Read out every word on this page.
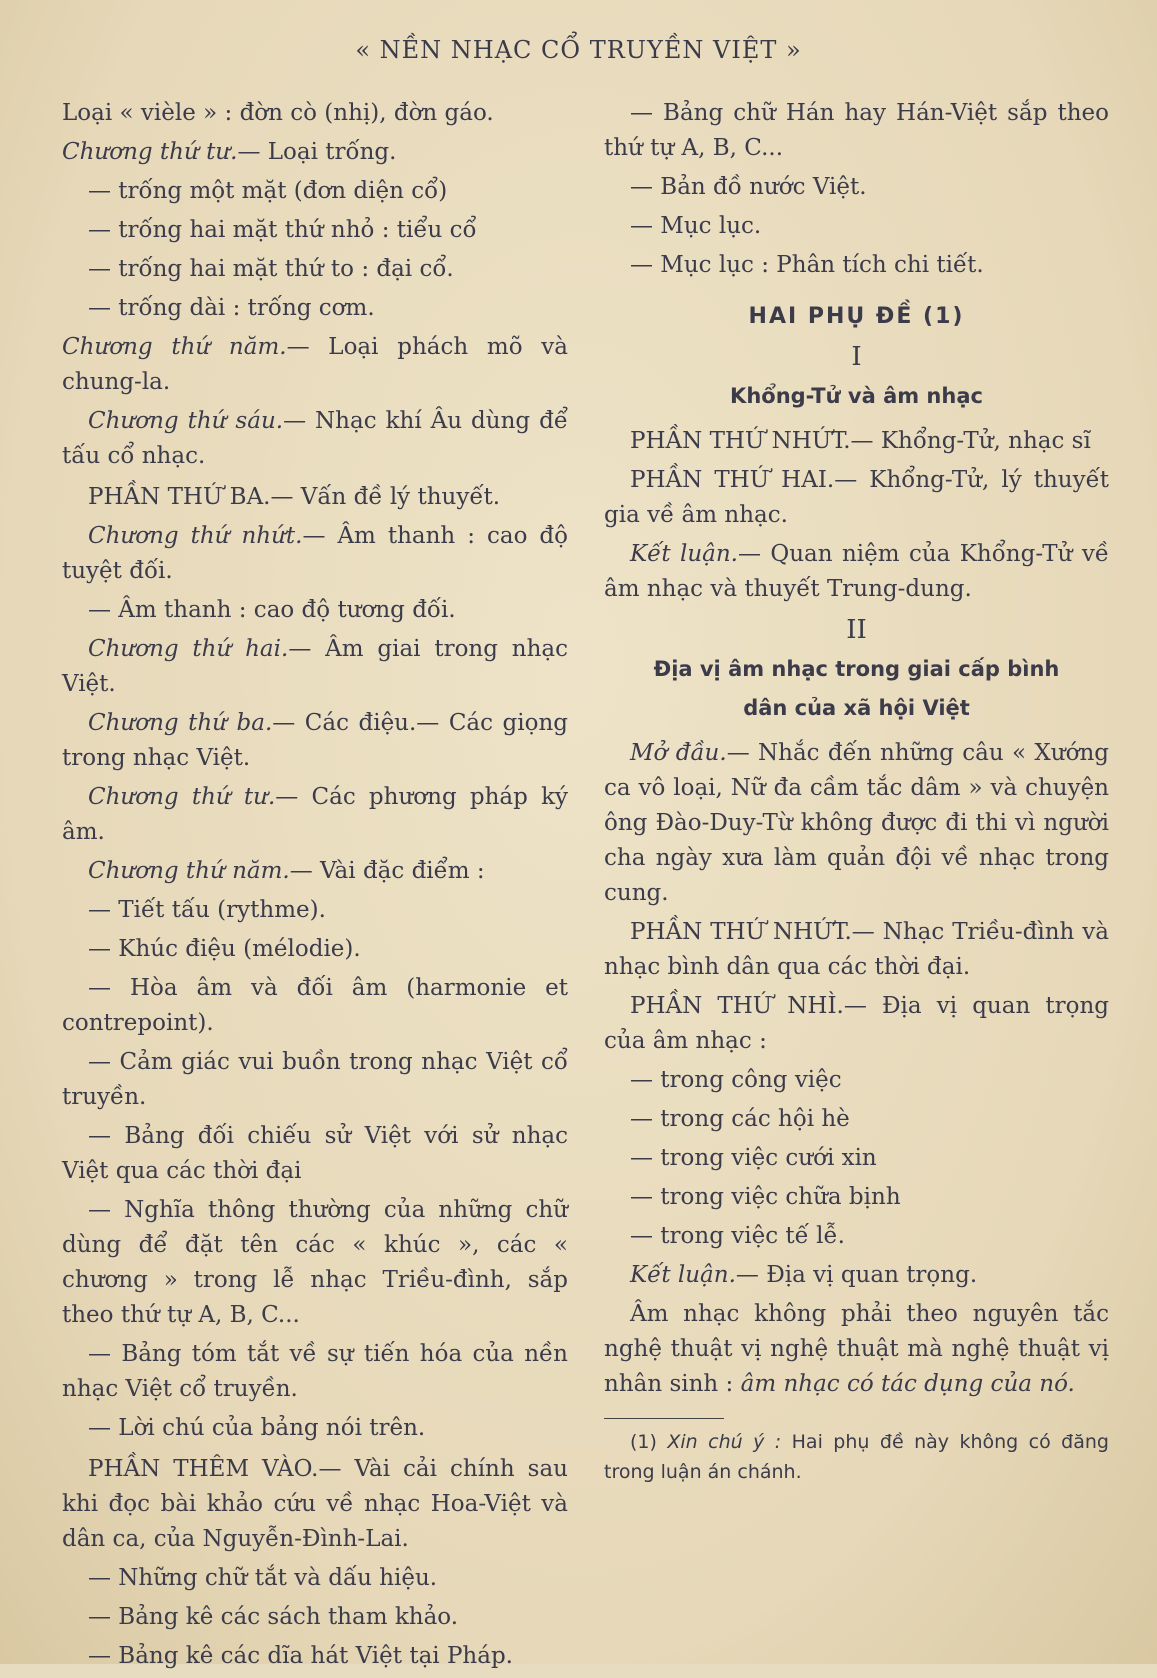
« NỀN NHẠC CỔ TRUYỀN VIỆT »

Loại « vièle » : đờn cò (nhị), đờn gáo.

Chương thứ tư.— Loại trống.

— trống một mặt (đơn diện cổ)

— trống hai mặt thứ nhỏ : tiểu cổ

— trống hai mặt thứ to : đại cổ.

— trống dài : trống cơm.

Chương thứ năm.— Loại phách mõ và chung-la.

Chương thứ sáu.— Nhạc khí Âu dùng để tấu cổ nhạc.

PHẦN THỨ BA.— Vấn đề lý thuyết.

Chương thứ nhứt.— Âm thanh : cao độ tuyệt đối.

— Âm thanh : cao độ tương đối.

Chương thứ hai.— Âm giai trong nhạc Việt.

Chương thứ ba.— Các điệu.— Các giọng trong nhạc Việt.

Chương thứ tư.— Các phương pháp ký âm.

Chương thứ năm.— Vài đặc điểm :

— Tiết tấu (rythme).

— Khúc điệu (mélodie).

— Hòa âm và đối âm (harmonie et contrepoint).

— Cảm giác vui buồn trong nhạc Việt cổ truyền.

— Bảng đối chiếu sử Việt với sử nhạc Việt qua các thời đại

— Nghĩa thông thường của những chữ dùng để đặt tên các « khúc », các « chương » trong lễ nhạc Triều-đình, sắp theo thứ tự A, B, C...

— Bảng tóm tắt về sự tiến hóa của nền nhạc Việt cổ truyền.

— Lời chú của bảng nói trên.

PHẦN THÊM VÀO.— Vài cải chính sau khi đọc bài khảo cứu về nhạc Hoa-Việt và dân ca, của Nguyễn-Đình-Lai.

— Những chữ tắt và dấu hiệu.

— Bảng kê các sách tham khảo.

— Bảng kê các dĩa hát Việt tại Pháp.

— Bảng chữ Hán hay Hán-Việt sắp theo thứ tự A, B, C...

— Bản đồ nước Việt.

— Mục lục.

— Mục lục : Phân tích chi tiết.

HAI PHỤ ĐỀ (1)

I

Khổng-Tử và âm nhạc

PHẦN THỨ NHỨT.— Khổng-Tử, nhạc sĩ

PHẦN THỨ HAI.— Khổng-Tử, lý thuyết gia về âm nhạc.

Kết luận.— Quan niệm của Khổng-Tử về âm nhạc và thuyết Trung-dung.

II

Địa vị âm nhạc trong giai cấp bình

dân của xã hội Việt

Mở đầu.— Nhắc đến những câu « Xướng ca vô loại, Nữ đa cầm tắc dâm » và chuyện ông Đào-Duy-Từ không được đi thi vì người cha ngày xưa làm quản đội về nhạc trong cung.

PHẦN THỨ NHỨT.— Nhạc Triều-đình và nhạc bình dân qua các thời đại.

PHẦN THỨ NHÌ.— Địa vị quan trọng của âm nhạc :

— trong công việc

— trong các hội hè

— trong việc cưới xin

— trong việc chữa bịnh

— trong việc tế lễ.

Kết luận.— Địa vị quan trọng.

Âm nhạc không phải theo nguyên tắc nghệ thuật vị nghệ thuật mà nghệ thuật vị nhân sinh : âm nhạc có tác dụng của nó.

(1) Xin chú ý : Hai phụ đề này không có đăng trong luận án chánh.
